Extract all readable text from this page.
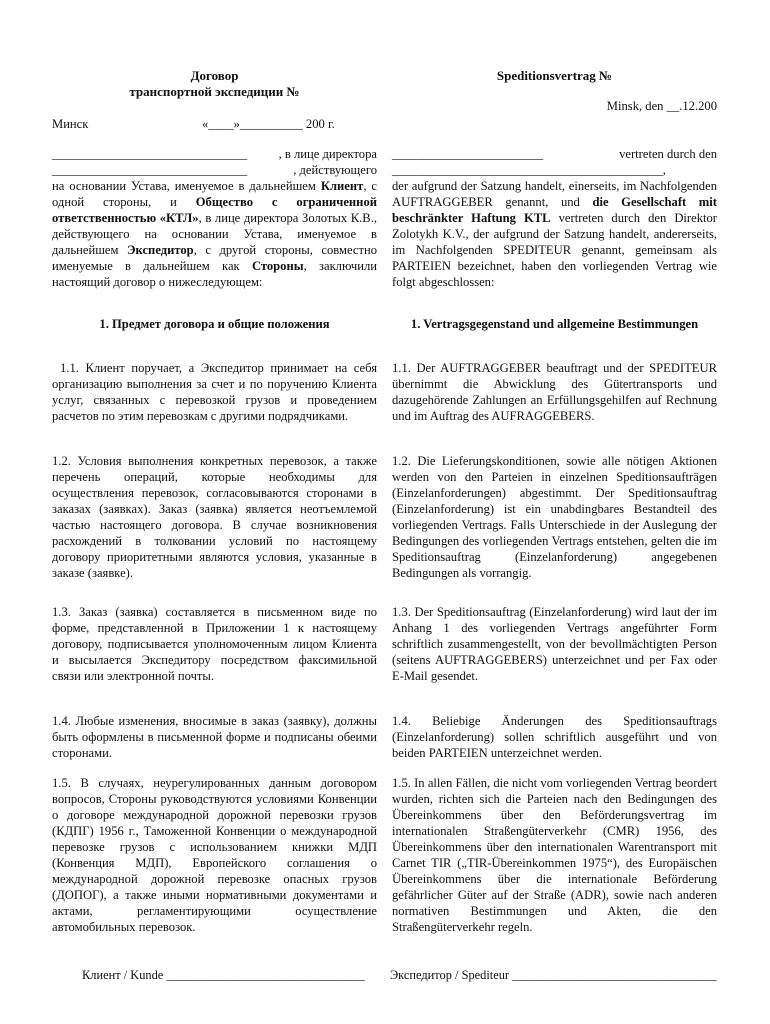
Договор
транспортной экспедиции №
Минск	«____»__________ 200 г.
_______________________________ , в лице директора
_______________________________	, действующего

на основании Устава, именуемое в дальнейшем Клиент, с одной стороны, и Общество с ограниченной ответственностью «КТЛ», в лице директора Золотых К.В., действующего на основании Устава, именуемое в дальнейшем Экспедитор, с другой стороны, совместно именуемые в дальнейшем как Стороны, заключили настоящий договор о нижеследующем:

1. Предмет договора и общие положения

1.1. Клиент поручает, а Экспедитор принимает на себя организацию выполнения за счет и по поручению Клиента услуг, связанных с перевозкой грузов и проведением расчетов по этим перевозкам с другими подрядчиками.

1.2. Условия выполнения конкретных перевозок, а также перечень операций, которые необходимы для осуществления перевозок, согласовываются сторонами в заказах (заявках). Заказ (заявка) является неотъемлемой частью настоящего договора. В случае возникновения расхождений в толковании условий по настоящему договору приоритетными являются условия, указанные в заказе (заявке).

1.3. Заказ (заявка) составляется в письменном виде по форме, представленной в Приложении 1 к настоящему договору, подписывается уполномоченным лицом Клиента и высылается Экспедитору посредством факсимильной связи или электронной почты.

1.4. Любые изменения, вносимые в заказ (заявку), должны быть оформлены в письменной форме и подписаны обеими сторонами.

1.5. В случаях, неурегулированных данным договором вопросов, Стороны руководствуются условиями Конвенции о договоре международной дорожной перевозки грузов (КДПГ) 1956 г., Таможенной Конвенции о международной перевозке грузов с использованием книжки МДП (Конвенция МДП), Европейского соглашения о международной дорожной перевозке опасных грузов (ДОПОГ), а также иными нормативными документами и актами, регламентирующими осуществление автомобильных перевозок.

Speditionsvertrag №
Minsk, den __.12.200
________________________	vertreten durch den
___________________________________________,

der aufgrund der Satzung handelt, einerseits, im Nachfolgenden AUFTRAGGEBER genannt, und die Gesellschaft mit beschränkter Haftung KTL vertreten durch den Direktor Zolotykh K.V., der aufgrund der Satzung handelt, andererseits, im Nachfolgenden SPEDITEUR genannt, gemeinsam als PARTEIEN bezeichnet, haben den vorliegenden Vertrag wie folgt abgeschlossen:

1. Vertragsgegenstand und allgemeine Bestimmungen

1.1. Der AUFTRAGGEBER beauftragt und der SPEDITEUR übernimmt die Abwicklung des Gütertransports und dazugehörende Zahlungen an Erfüllungsgehilfen auf Rechnung und im Auftrag des AUFRAGGEBERS.

1.2. Die Lieferungskonditionen, sowie alle nötigen Aktionen werden von den Parteien in einzelnen Speditionsaufträgen (Einzelanforderungen) abgestimmt. Der Speditionsauftrag (Einzelanforderung) ist ein unabdingbares Bestandteil des vorliegenden Vertrags. Falls Unterschiede in der Auslegung der Bedingungen des vorliegenden Vertrags entstehen, gelten die im Speditionsauftrag (Einzelanforderung) angegebenen Bedingungen als vorrangig.

1.3. Der Speditionsauftrag (Einzelanforderung) wird laut der im Anhang 1 des vorliegenden Vertrags angeführter Form schriftlich zusammengestellt, von der bevollmächtigten Person (seitens AUFTRAGGEBERS) unterzeichnet und per Fax oder E-Mail gesendet.

1.4. Beliebige Änderungen des Speditionsauftrags (Einzelanforderung) sollen schriftlich ausgeführt und von beiden PARTEIEN unterzeichnet werden.

1.5. In allen Fällen, die nicht vom vorliegenden Vertrag beordert wurden, richten sich die Parteien nach den Bedingungen des Übereinkommens über den Beförderungsvertrag im internationalen Straßengüterverkehr (CMR) 1956, des Übereinkommens über den internationalen Warentransport mit Carnet TIR („TIR-Übereinkommen 1975“), des Europäischen Übereinkommens über die internationale Beförderung gefährlicher Güter auf der Straße (ADR), sowie nach anderen normativen Bestimmungen und Akten, die den Straßengüterverkehr regeln.

Клиент / Kunde ________________________________ Экспедитор / Spediteur _________________________________
